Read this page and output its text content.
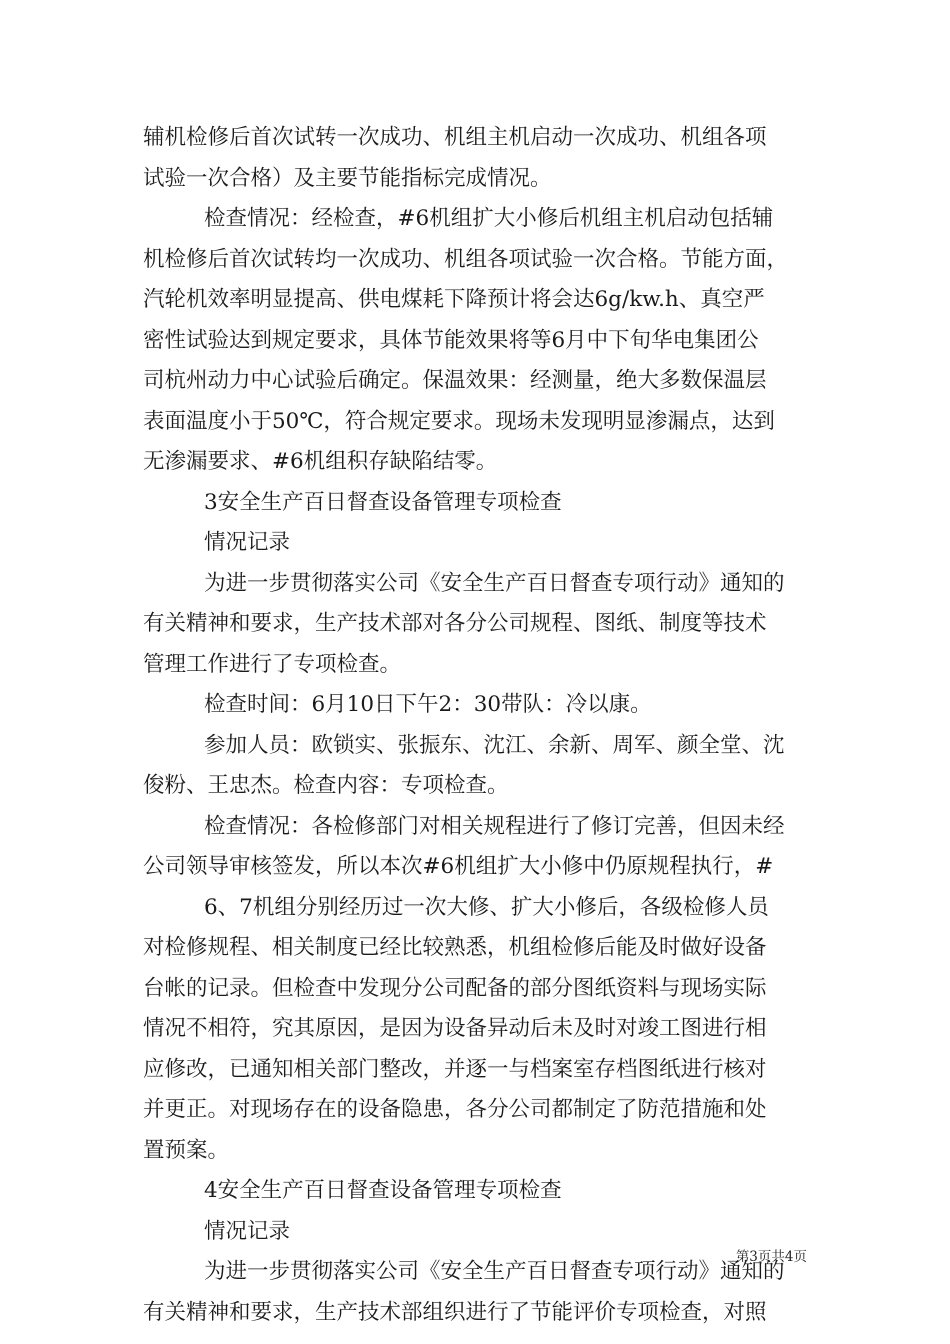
辅机检修后首次试转一次成功、机组主机启动一次成功、机组各项
试验一次合格）及主要节能指标完成情况。
检查情况：经检查，#6机组扩大小修后机组主机启动包括辅
机检修后首次试转均一次成功、机组各项试验一次合格。节能方面，
汽轮机效率明显提高、供电煤耗下降预计将会达6g/kw.h、真空严
密性试验达到规定要求，具体节能效果将等6月中下旬华电集团公
司杭州动力中心试验后确定。保温效果：经测量，绝大多数保温层
表面温度小于50℃，符合规定要求。现场未发现明显渗漏点，达到
无渗漏要求、#6机组积存缺陷结零。
3安全生产百日督查设备管理专项检查
情况记录
为进一步贯彻落实公司《安全生产百日督查专项行动》通知的
有关精神和要求，生产技术部对各分公司规程、图纸、制度等技术
管理工作进行了专项检查。
检查时间：6月10日下午2：30带队：冷以康。
参加人员：欧锁实、张振东、沈江、余新、周军、颜全堂、沈
俊粉、王忠杰。检查内容：专项检查。
检查情况：各检修部门对相关规程进行了修订完善，但因未经
公司领导审核签发，所以本次#6机组扩大小修中仍原规程执行，#
6、7机组分别经历过一次大修、扩大小修后，各级检修人员
对检修规程、相关制度已经比较熟悉，机组检修后能及时做好设备
台帐的记录。但检查中发现分公司配备的部分图纸资料与现场实际
情况不相符，究其原因，是因为设备异动后未及时对竣工图进行相
应修改，已通知相关部门整改，并逐一与档案室存档图纸进行核对
并更正。对现场存在的设备隐患，各分公司都制定了防范措施和处
置预案。
4安全生产百日督查设备管理专项检查
情况记录
为进一步贯彻落实公司《安全生产百日督查专项行动》通知的
有关精神和要求，生产技术部组织进行了节能评价专项检查，对照
第3页共4页
